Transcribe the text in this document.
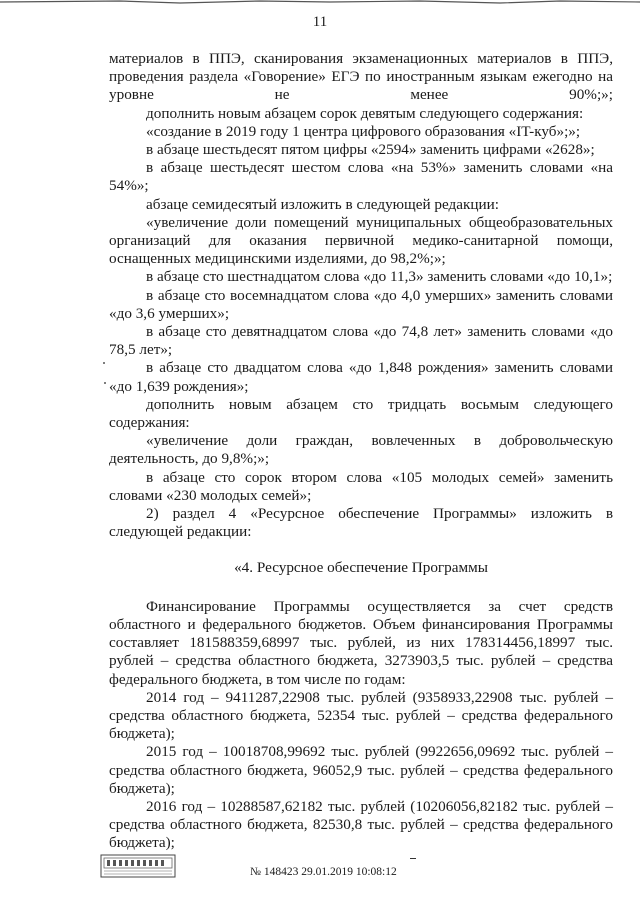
11

материалов в ППЭ, сканирования экзаменационных материалов в ППЭ, проведения раздела «Говорение» ЕГЭ по иностранным языкам ежегодно на уровне не менее 90%;»;

дополнить новым абзацем сорок девятым следующего содержания:

«создание в 2019 году 1 центра цифрового образования «IT-куб»;»;

в абзаце шестьдесят пятом цифры «2594» заменить цифрами «2628»;

в абзаце шестьдесят шестом слова «на 53%» заменить словами «на 54%»;

абзаце семидесятый изложить в следующей редакции:

«увеличение доли помещений муниципальных общеобразовательных организаций для оказания первичной медико-санитарной помощи, оснащенных медицинскими изделиями, до 98,2%;»;

в абзаце сто шестнадцатом слова «до 11,3» заменить словами «до 10,1»;

в абзаце сто восемнадцатом слова «до 4,0 умерших» заменить словами «до 3,6 умерших»;

в абзаце сто девятнадцатом слова «до 74,8 лет» заменить словами «до 78,5 лет»;

в абзаце сто двадцатом слова «до 1,848 рождения» заменить словами «до 1,639 рождения»;

дополнить новым абзацем сто тридцать восьмым следующего содержания:

«увеличение доли граждан, вовлеченных в добровольческую деятельность, до 9,8%;»;

в абзаце сто сорок втором слова «105 молодых семей» заменить словами «230 молодых семей»;

2) раздел 4 «Ресурсное обеспечение Программы» изложить в следующей редакции:

«4. Ресурсное обеспечение Программы

Финансирование Программы осуществляется за счет средств областного и федерального бюджетов. Объем финансирования Программы составляет 181588359,68997 тыс. рублей, из них 178314456,18997 тыс. рублей – средства областного бюджета, 3273903,5 тыс. рублей – средства федерального бюджета, в том числе по годам:

2014 год – 9411287,22908 тыс. рублей (9358933,22908 тыс. рублей – средства областного бюджета, 52354 тыс. рублей – средства федерального бюджета);

2015 год – 10018708,99692 тыс. рублей (9922656,09692 тыс. рублей – средства областного бюджета, 96052,9 тыс. рублей – средства федерального бюджета);

2016 год – 10288587,62182 тыс. рублей (10206056,82182 тыс. рублей – средства областного бюджета, 82530,8 тыс. рублей – средства федерального бюджета);

№ 148423 29.01.2019 10:08:12
